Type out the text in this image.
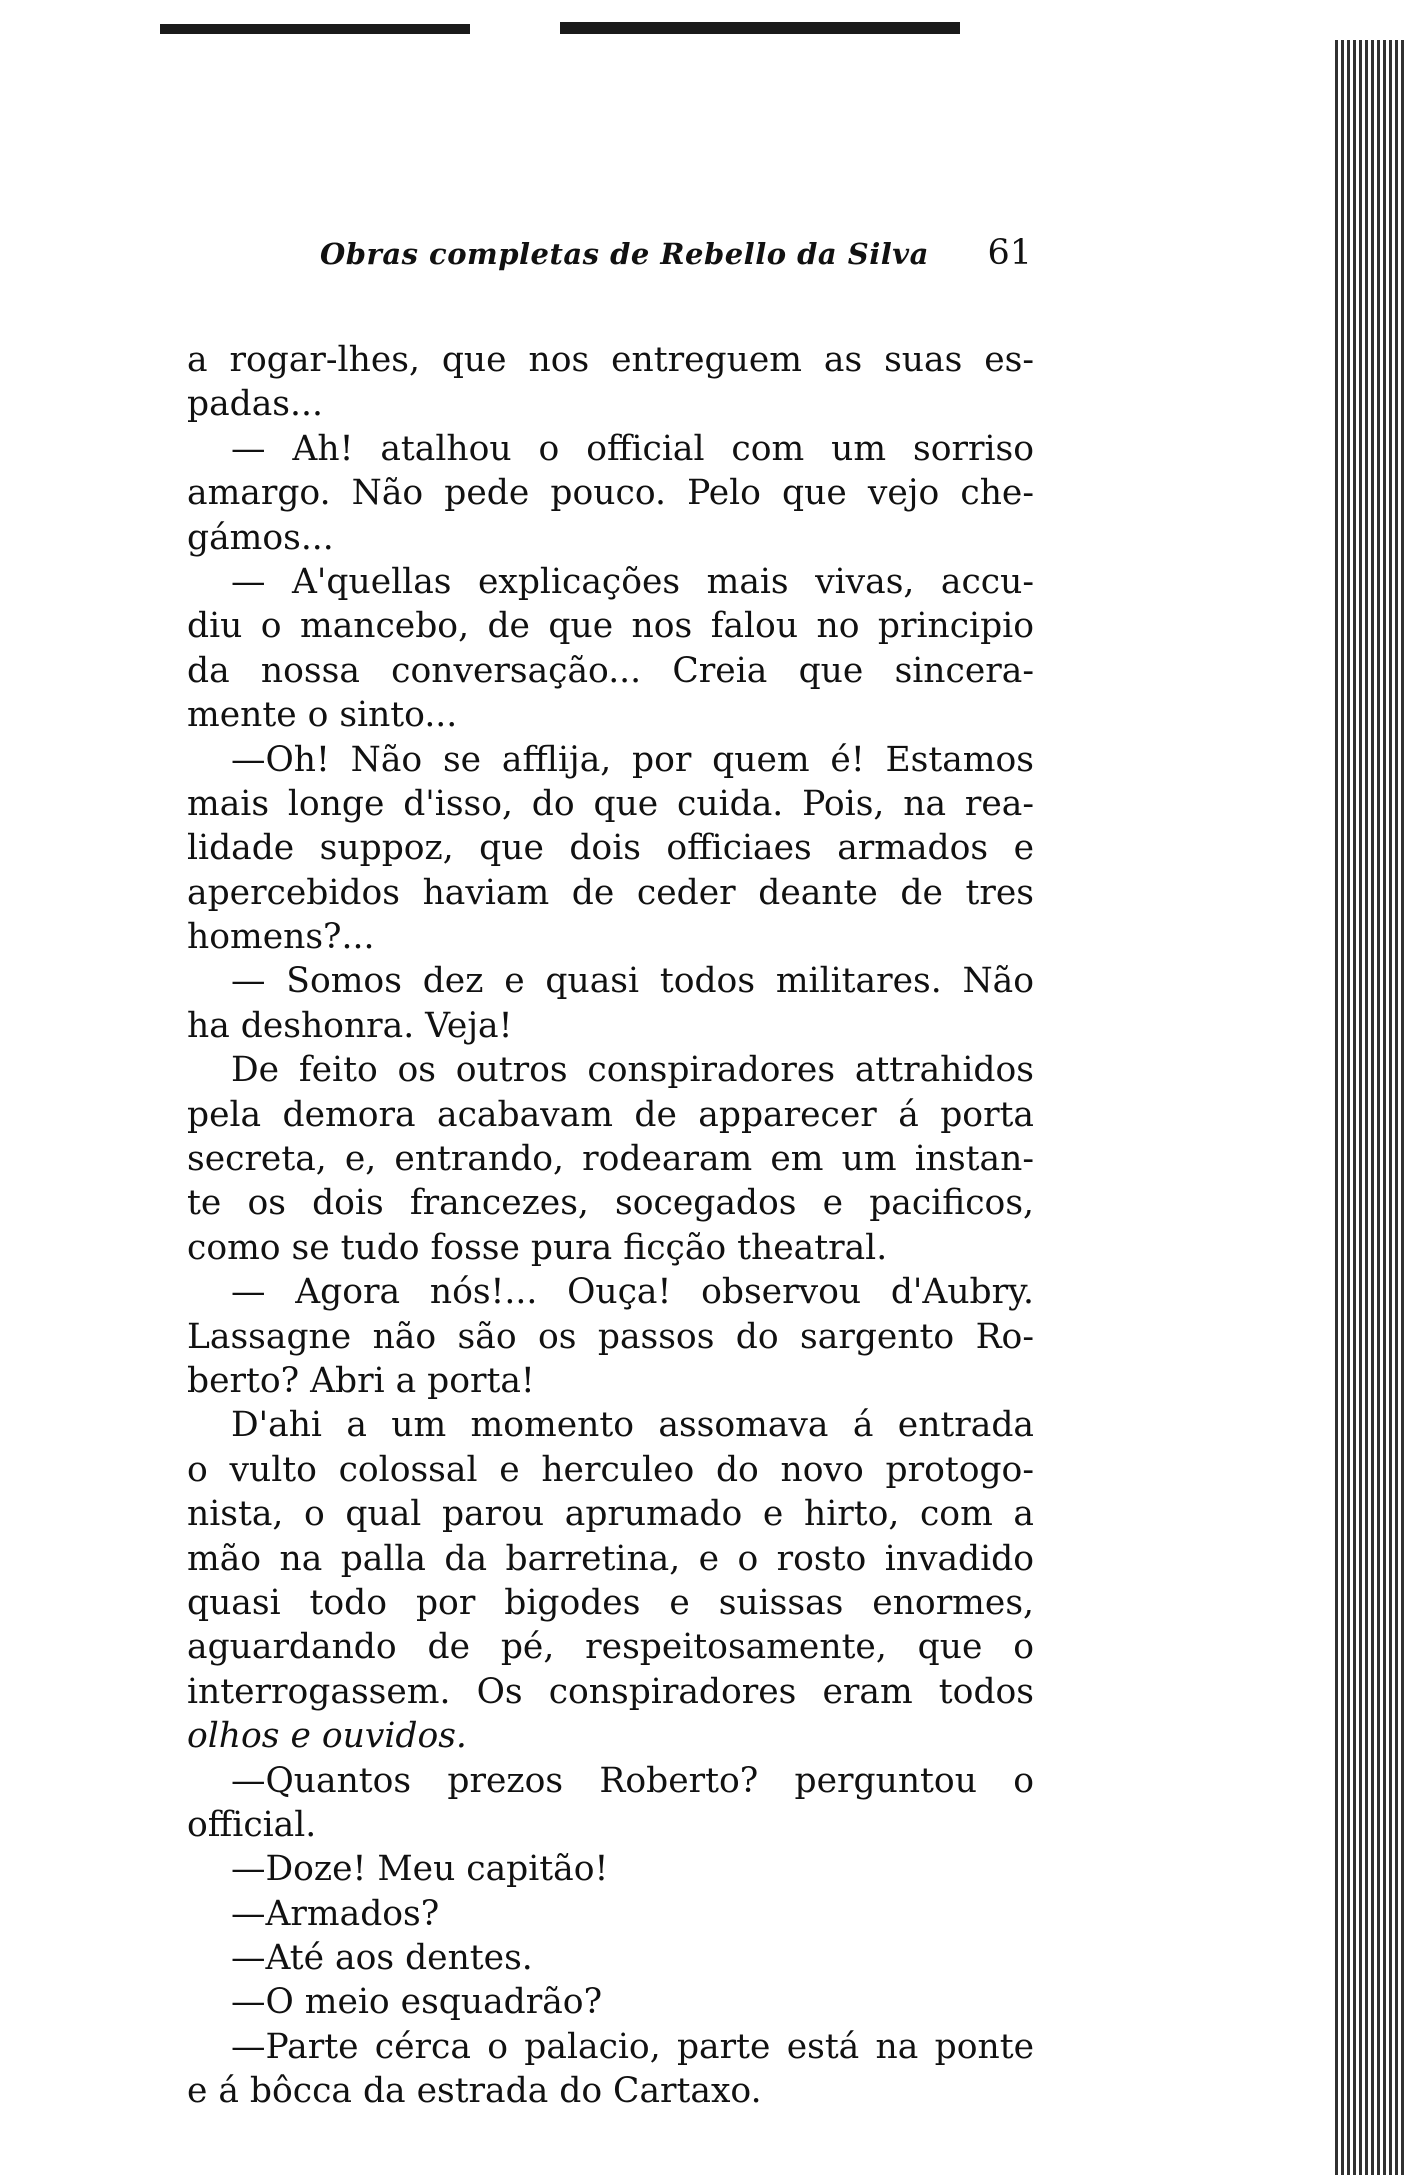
Obras completas de Rebello da Silva 61
a rogar-lhes, que nos entreguem as suas es-
padas...
— Ah! atalhou o official com um sorriso
amargo. Não pede pouco. Pelo que vejo che-
gámos...
— A'quellas explicações mais vivas, accu-
diu o mancebo, de que nos falou no principio
da nossa conversação... Creia que sincera-
mente o sinto...
—Oh! Não se afflija, por quem é! Estamos
mais longe d'isso, do que cuida. Pois, na rea-
lidade suppoz, que dois officiaes armados e
apercebidos haviam de ceder deante de tres
homens?...
— Somos dez e quasi todos militares. Não
ha deshonra. Veja!
De feito os outros conspiradores attrahidos
pela demora acabavam de apparecer á porta
secreta, e, entrando, rodearam em um instan-
te os dois francezes, socegados e pacificos,
como se tudo fosse pura ficção theatral.
— Agora nós!... Ouça! observou d'Aubry.
Lassagne não são os passos do sargento Ro-
berto? Abri a porta!
D'ahi a um momento assomava á entrada
o vulto colossal e herculeo do novo protogo-
nista, o qual parou aprumado e hirto, com a
mão na palla da barretina, e o rosto invadido
quasi todo por bigodes e suissas enormes,
aguardando de pé, respeitosamente, que o
interrogassem. Os conspiradores eram todos
olhos e ouvidos.
—Quantos prezos Roberto? perguntou o
official.
—Doze! Meu capitão!
—Armados?
—Até aos dentes.
—O meio esquadrão?
—Parte cérca o palacio, parte está na ponte
e á bôcca da estrada do Cartaxo.
